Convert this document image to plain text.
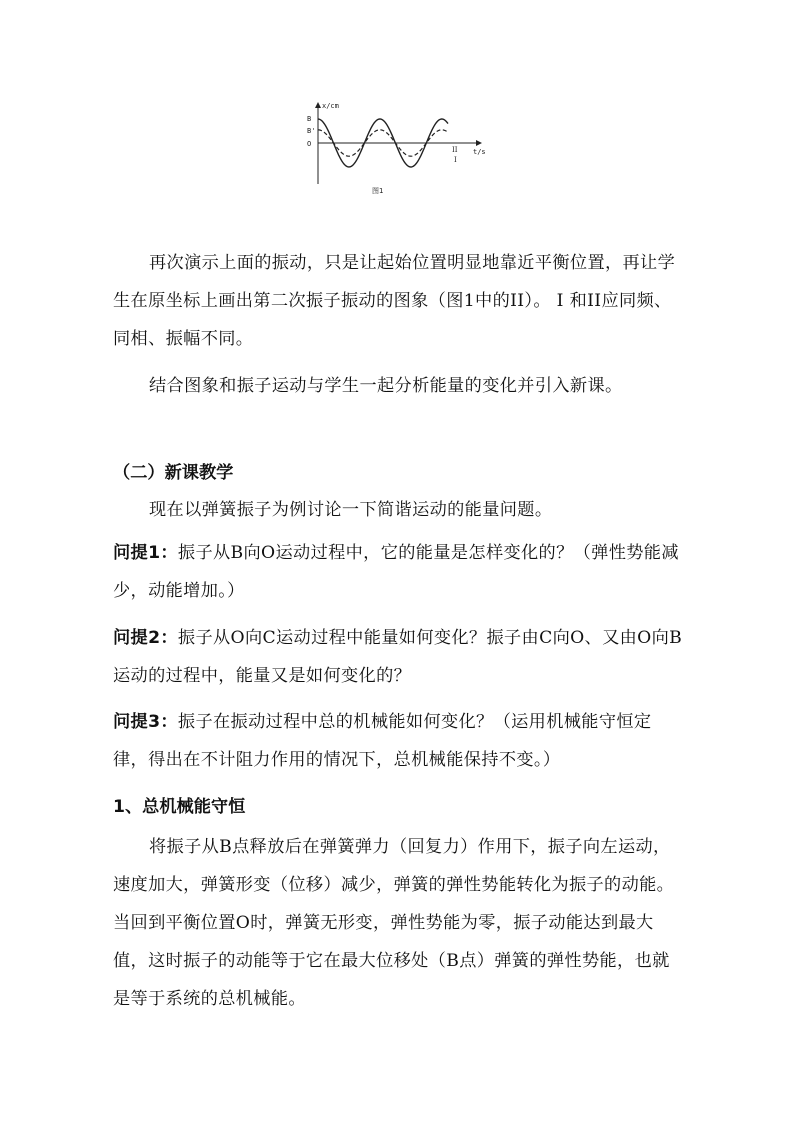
x/cm
t/s
B
B'
O
II
I
图1

再次演示上面的振动，只是让起始位置明显地靠近平衡位置，再让学生在原坐标上画出第二次振子振动的图象（图1中的II）。 I 和II应同频、同相、振幅不同。

结合图象和振子运动与学生一起分析能量的变化并引入新课。

（二）新课教学

现在以弹簧振子为例讨论一下简谐运动的能量问题。

问提1：振子从B向O运动过程中，它的能量是怎样变化的？（弹性势能减少，动能增加。）

问提2：振子从O向C运动过程中能量如何变化？振子由C向O、又由O向B运动的过程中，能量又是如何变化的？

问提3：振子在振动过程中总的机械能如何变化？（运用机械能守恒定律，得出在不计阻力作用的情况下，总机械能保持不变。）

1、总机械能守恒

将振子从B点释放后在弹簧弹力（回复力）作用下，振子向左运动，速度加大，弹簧形变（位移）减少，弹簧的弹性势能转化为振子的动能。当回到平衡位置O时，弹簧无形变，弹性势能为零，振子动能达到最大值，这时振子的动能等于它在最大位移处（B点）弹簧的弹性势能，也就是等于系统的总机械能。
